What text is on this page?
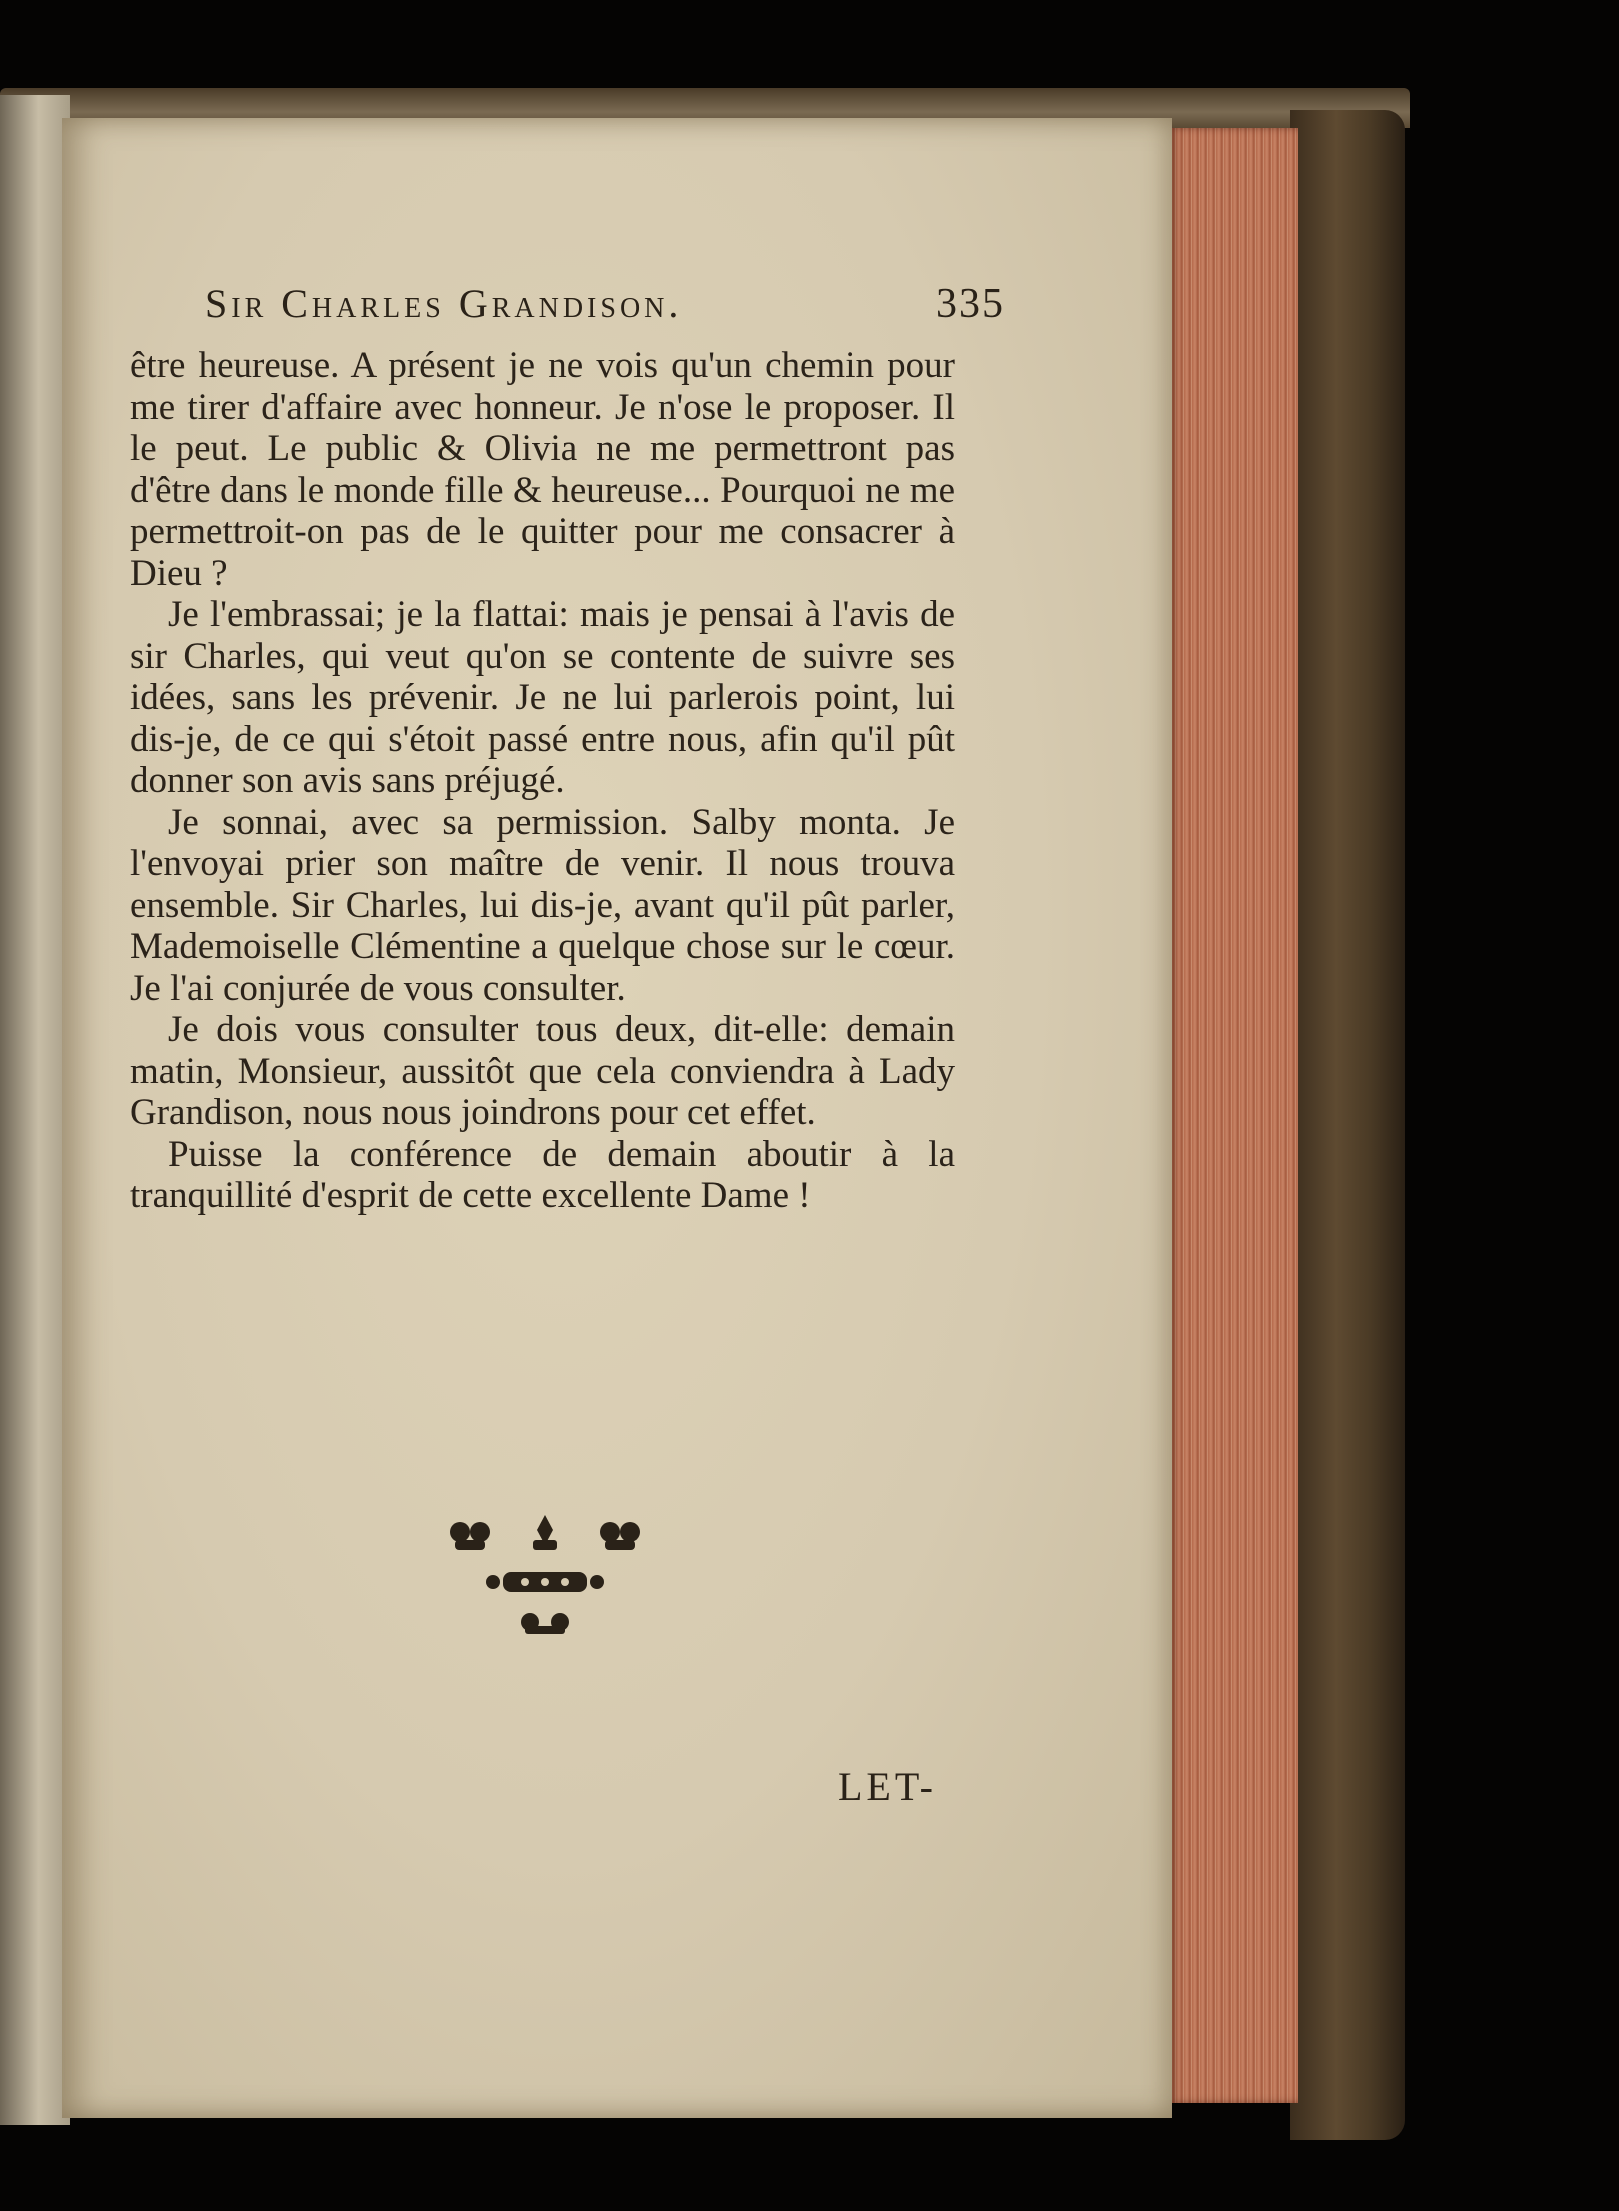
Sir Charles Grandison.	335

être heureuse. A présent je ne vois qu'un chemin pour me tirer d'affaire avec honneur. Je n'ose le proposer. Il le peut. Le public & Olivia ne me permettront pas d'être dans le monde fille & heureuse... Pourquoi ne me permettroit-on pas de le quitter pour me consacrer à Dieu ?

Je l'embrassai; je la flattai: mais je pensai à l'avis de sir Charles, qui veut qu'on se contente de suivre ses idées, sans les prévenir. Je ne lui parlerois point, lui dis-je, de ce qui s'étoit passé entre nous, afin qu'il pût donner son avis sans préjugé.

Je sonnai, avec sa permission. Salby monta. Je l'envoyai prier son maître de venir. Il nous trouva ensemble. Sir Charles, lui dis-je, avant qu'il pût parler, Mademoiselle Clémentine a quelque chose sur le cœur. Je l'ai conjurée de vous consulter.

Je dois vous consulter tous deux, dit-elle: demain matin, Monsieur, aussitôt que cela conviendra à Lady Grandison, nous nous joindrons pour cet effet.

Puisse la conférence de demain aboutir à la tranquillité d'esprit de cette excellente Dame !

LET-
